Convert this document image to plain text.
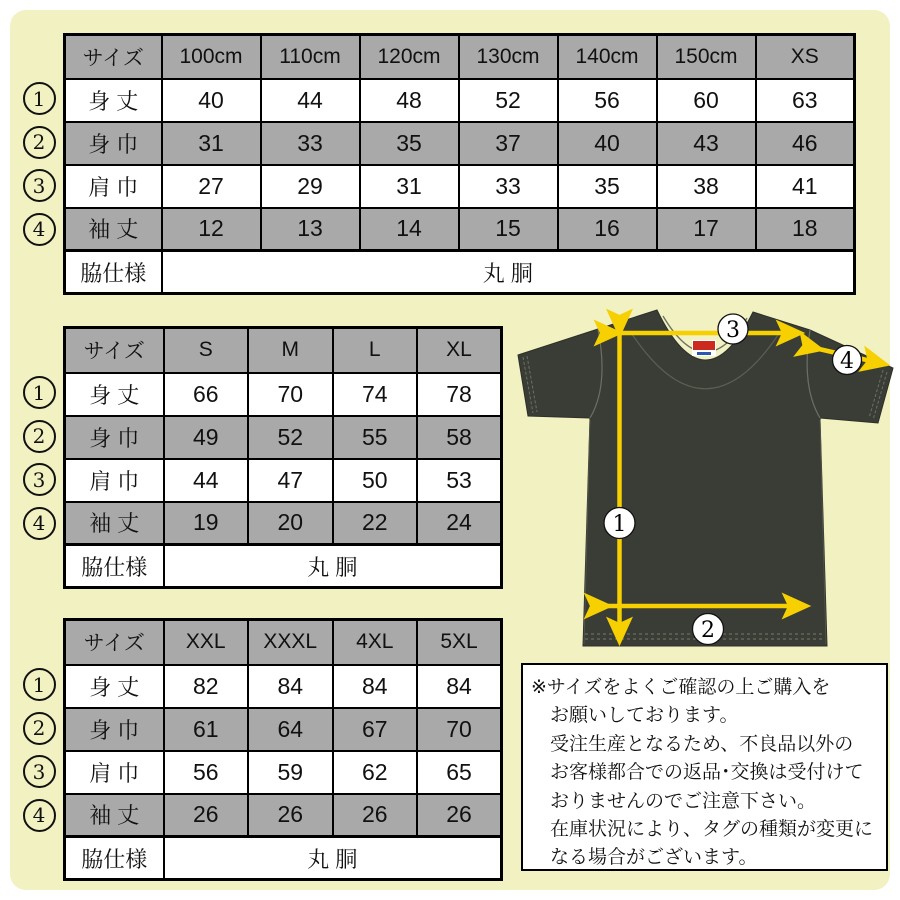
1
2
3
4
サイズ	100cm	110cm	120cm	130cm	140cm	150cm	XS
身 丈	40	44	48	52	56	60	63
身 巾	31	33	35	37	40	43	46
肩 巾	27	29	31	33	35	38	41
袖 丈	12	13	14	15	16	17	18
脇仕様	丸 胴						
1
2
3
4
サイズ	S	M	L	XL
身 丈	66	70	74	78
身 巾	49	52	55	58
肩 巾	44	47	50	53
袖 丈	19	20	22	24
脇仕様	丸 胴			
1
2
3
4
サイズ	XXL	XXXL	4XL	5XL
身 丈	82	84	84	84
身 巾	61	64	67	70
肩 巾	56	59	62	65
袖 丈	26	26	26	26
脇仕様	丸 胴			
3
4
1
2
※サイズをよくご確認の上ご購入を
お願いしております。
受注生産となるため、不良品以外の
お客様都合での返品･交換は受付けて
おりませんのでご注意下さい。
在庫状況により、タグの種類が変更に
なる場合がございます。
